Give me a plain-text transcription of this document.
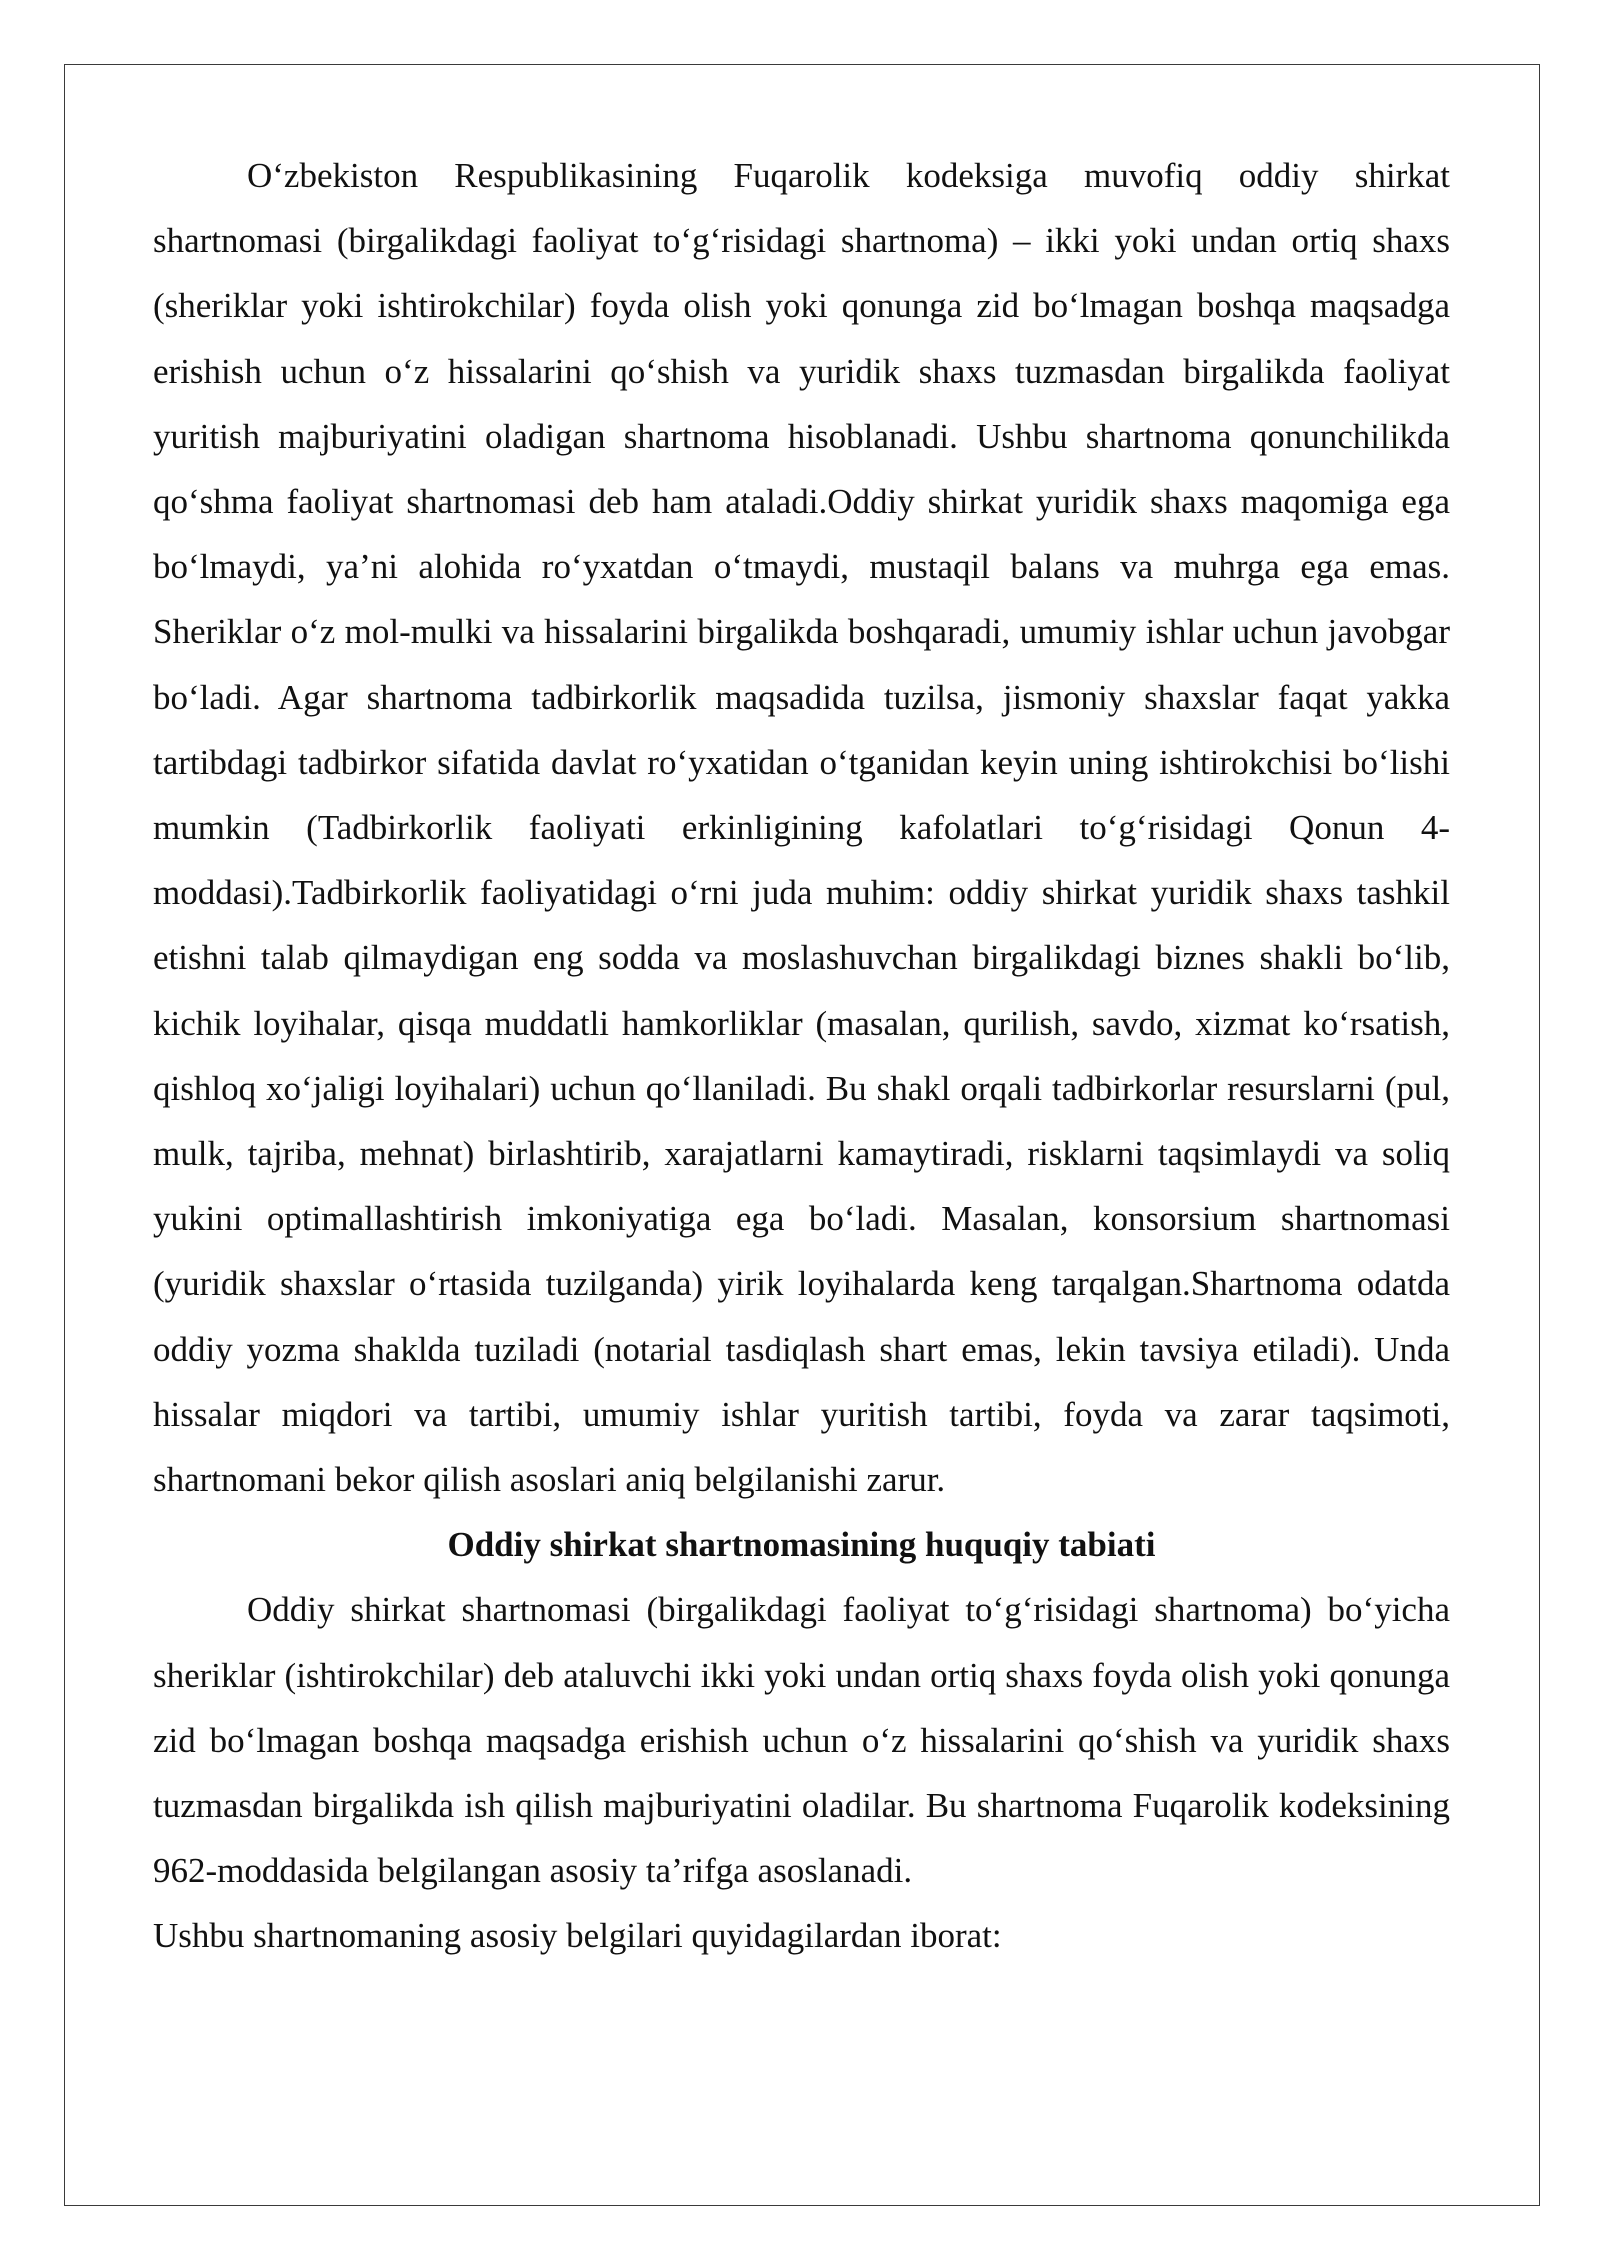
O‘zbekiston Respublikasining Fuqarolik kodeksiga muvofiq oddiy shirkat shartnomasi (birgalikdagi faoliyat to‘g‘risidagi shartnoma) – ikki yoki undan ortiq shaxs (sheriklar yoki ishtirokchilar) foyda olish yoki qonunga zid bo‘lmagan boshqa maqsadga erishish uchun o‘z hissalarini qo‘shish va yuridik shaxs tuzmasdan birgalikda faoliyat yuritish majburiyatini oladigan shartnoma hisoblanadi. Ushbu shartnoma qonunchilikda qo‘shma faoliyat shartnomasi deb ham ataladi.Oddiy shirkat yuridik shaxs maqomiga ega bo‘lmaydi, ya’ni alohida ro‘yxatdan o‘tmaydi, mustaqil balans va muhrga ega emas. Sheriklar o‘z mol-mulki va hissalarini birgalikda boshqaradi, umumiy ishlar uchun javobgar bo‘ladi. Agar shartnoma tadbirkorlik maqsadida tuzilsa, jismoniy shaxslar faqat yakka tartibdagi tadbirkor sifatida davlat ro‘yxatidan o‘tganidan keyin uning ishtirokchisi bo‘lishi mumkin (Tadbirkorlik faoliyati erkinligining kafolatlari to‘g‘risidagi Qonun 4-moddasi).Tadbirkorlik faoliyatidagi o‘rni juda muhim: oddiy shirkat yuridik shaxs tashkil etishni talab qilmaydigan eng sodda va moslashuvchan birgalikdagi biznes shakli bo‘lib, kichik loyihalar, qisqa muddatli hamkorliklar (masalan, qurilish, savdo, xizmat ko‘rsatish, qishloq xo‘jaligi loyihalari) uchun qo‘llaniladi. Bu shakl orqali tadbirkorlar resurslarni (pul, mulk, tajriba, mehnat) birlashtirib, xarajatlarni kamaytiradi, risklarni taqsimlaydi va soliq yukini optimallashtirish imkoniyatiga ega bo‘ladi. Masalan, konsorsium shartnomasi (yuridik shaxslar o‘rtasida tuzilganda) yirik loyihalarda keng tarqalgan.Shartnoma odatda oddiy yozma shaklda tuziladi (notarial tasdiqlash shart emas, lekin tavsiya etiladi). Unda hissalar miqdori va tartibi, umumiy ishlar yuritish tartibi, foyda va zarar taqsimoti, shartnomani bekor qilish asoslari aniq belgilanishi zarur.

Oddiy shirkat shartnomasining huquqiy tabiati

Oddiy shirkat shartnomasi (birgalikdagi faoliyat to‘g‘risidagi shartnoma) bo‘yicha sheriklar (ishtirokchilar) deb ataluvchi ikki yoki undan ortiq shaxs foyda olish yoki qonunga zid bo‘lmagan boshqa maqsadga erishish uchun o‘z hissalarini qo‘shish va yuridik shaxs tuzmasdan birgalikda ish qilish majburiyatini oladilar. Bu shartnoma Fuqarolik kodeksining 962-moddasida belgilangan asosiy ta’rifga asoslanadi.

Ushbu shartnomaning asosiy belgilari quyidagilardan iborat:
